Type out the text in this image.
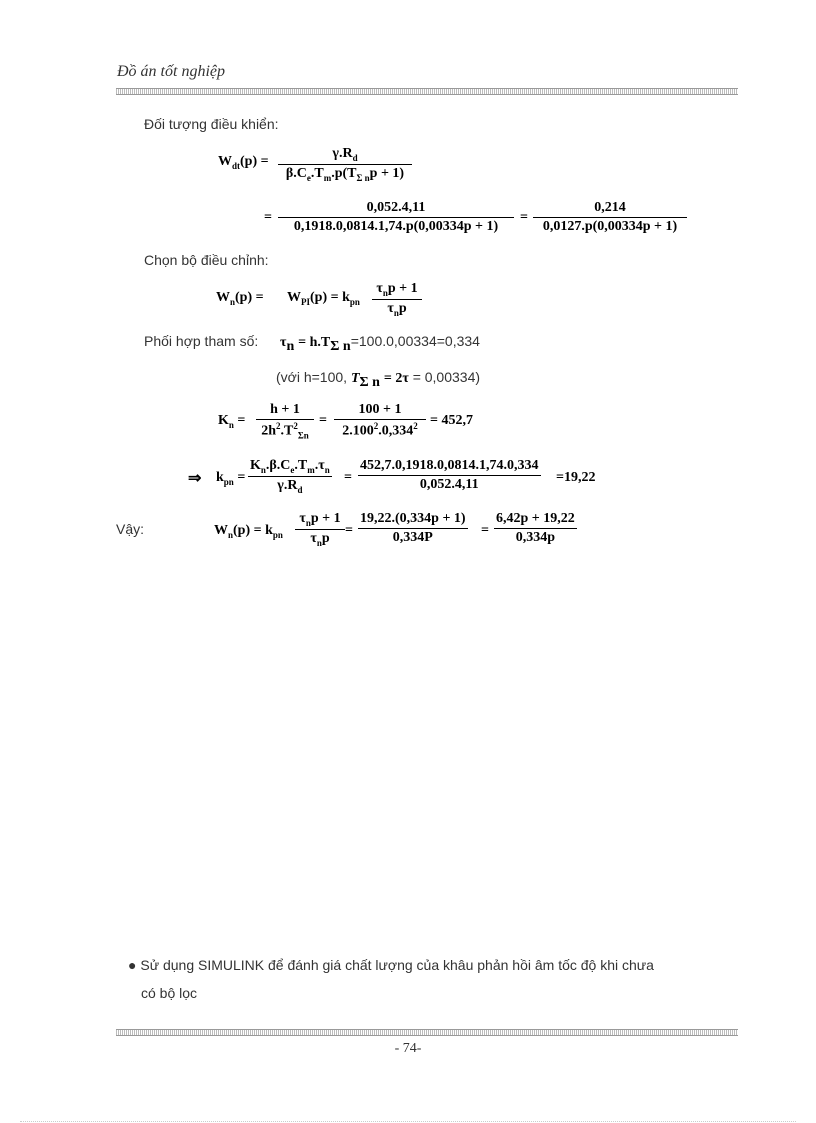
Đồ án tốt nghiệp
Đối tượng điều khiển:
$W_{dt}(p) = \frac{\gamma.R_d}{\beta.C_e.T_m.p(T_{\Sigma n}p + 1)}$
= $\frac{0,052.4,11}{0,1918.0,0814.1,74.p(0,00334p + 1)} = \frac{0,214}{0,0127.p(0,00334p + 1)}$
Chọn bộ điều chỉnh:
$W_n(p) = W_{PI}(p) = k_{pn}$
$\tau_np + 1$
$\tau_np$
Phối hợp tham số: $\tau_n = h.T_{\Sigma n}=100.0,00334=0,334$
(với h=100, $T_{\Sigma n} = 2\tau = 0,00334$)
$K_n = \frac{h + 1}{2h^2.T^2_{\Sigma n}} = \frac{100 + 1}{2.100^2.0,334^2} = 452,7$
⇒ $k_{pn} = \frac{K_n.\beta.C_e.T_m.\tau_n}{\gamma.R_d} = \frac{452,7.0,1918.0,0814.1,74.0,334}{0,052.4,11} =19,22$
Vậy:	$W_n(p) = k_{pn}$
$\tau_np + 1$
$\tau_np$
= $\frac{19,22.(0,334p + 1)}{0,334P} = \frac{6,42p + 19,22}{0,334p}$
● Sử dụng SIMULINK để đánh giá chất lượng của khâu phản hồi âm tốc độ khi chưa
có bộ lọc
- 74-
